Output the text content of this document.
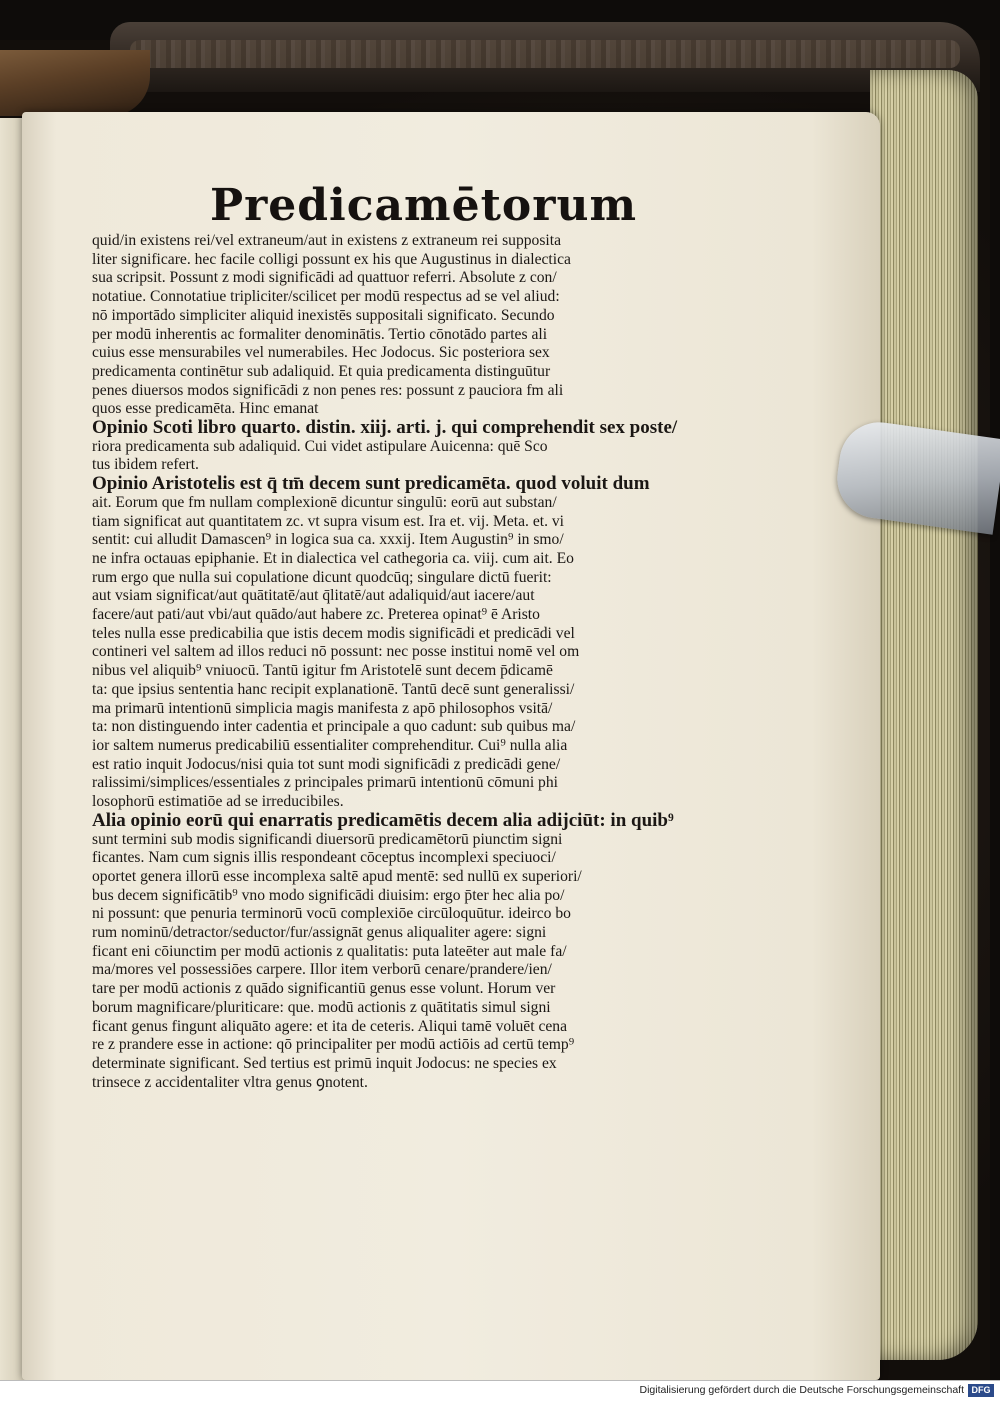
Predicamētorum
quid/in existens rei/vel extraneum/aut in existens z extraneum rei supposita
liter significare. hec facile colligi possunt ex his que Augustinus in dialectica
sua scripsit. Possunt z modi significādi ad quattuor referri. Absolute z con/
notatiue. Connotatiue tripliciter/scilicet per modū respectus ad se vel aliud:
nō importādo simpliciter aliquid inexistēs suppositali significato. Secundo
per modū inherentis ac formaliter denominātis. Tertio cōnotādo partes ali
cuius esse mensurabiles vel numerabiles. Hec Jodocus. Sic posteriora sex
predicamenta continētur sub adaliquid. Et quia predicamenta distinguūtur
penes diuersos modos significādi z non penes res: possunt z pauciora fm ali
quos esse predicamēta. Hinc emanat
Opinio Scoti libro quarto. distin. xiij. arti. j. qui comprehendit sex poste/
riora predicamenta sub adaliquid. Cui videt astipulare Auicenna: quē Sco
tus ibidem refert.
Opinio Aristotelis est q̄ tm̄ decem sunt predicamēta. quod voluit dum
ait. Eorum que fm nullam complexionē dicuntur singulū: eorū aut substan/
tiam significat aut quantitatem zc. vt supra visum est. Ira et. vij. Meta. et. vi
sentit: cui alludit Damascen⁹ in logica sua ca. xxxij. Item Augustin⁹ in smo/
ne infra octauas epiphanie. Et in dialectica vel cathegoria ca. viij. cum ait. Eo
rum ergo que nulla sui copulatione dicunt quodcūq; singulare dictū fuerit:
aut vsiam significat/aut quātitatē/aut q̄litatē/aut adaliquid/aut iacere/aut
facere/aut pati/aut vbi/aut quādo/aut habere zc. Preterea opinat⁹ ē Aristo
teles nulla esse predicabilia que istis decem modis significādi et predicādi vel
contineri vel saltem ad illos reduci nō possunt: nec posse institui nomē vel om
nibus vel aliquib⁹ vniuocū. Tantū igitur fm Aristotelē sunt decem p̄dicamē
ta: que ipsius sententia hanc recipit explanationē. Tantū decē sunt generalissi/
ma primarū intentionū simplicia magis manifesta z apō philosophos vsitā/
ta: non distinguendo inter cadentia et principale a quo cadunt: sub quibus ma/
ior saltem numerus predicabiliū essentialiter comprehenditur. Cui⁹ nulla alia
est ratio inquit Jodocus/nisi quia tot sunt modi significādi z predicādi gene/
ralissimi/simplices/essentiales z principales primarū intentionū cōmuni phi
losophorū estimatiōe ad se irreducibiles.
Alia opinio eorū qui enarratis predicamētis decem alia adijciūt: in quib⁹
sunt termini sub modis significandi diuersorū predicamētorū piunctim signi
ficantes. Nam cum signis illis respondeant cōceptus incomplexi speciuoci/
oportet genera illorū esse incomplexa saltē apud mentē: sed nullū ex superiori/
bus decem significātib⁹ vno modo significādi diuisim: ergo p̄ter hec alia po/
ni possunt: que penuria terminorū vocū complexiōe circūloquūtur. ideirco bo
rum nominū/detractor/seductor/fur/assignāt genus aliqualiter agere: signi
ficant eni cōiunctim per modū actionis z qualitatis: puta lateēter aut male fa/
ma/mores vel possessiōes carpere. Illor item verborū cenare/prandere/ien/
tare per modū actionis z quādo significantiū genus esse volunt. Horum ver
borum magnificare/pluriticare: que. modū actionis z quātitatis simul signi
ficant genus fingunt aliquāto agere: et ita de ceteris. Aliqui tamē voluēt cena
re z prandere esse in actione: qō principaliter per modū actiōis ad certū temp⁹
determinate significant. Sed tertius est primū inquit Jodocus: ne species ex
trinsece z accidentaliter vltra genus ꝯnotent.
Digitalisierung gefördert durch die Deutsche Forschungsgemeinschaft DFG
